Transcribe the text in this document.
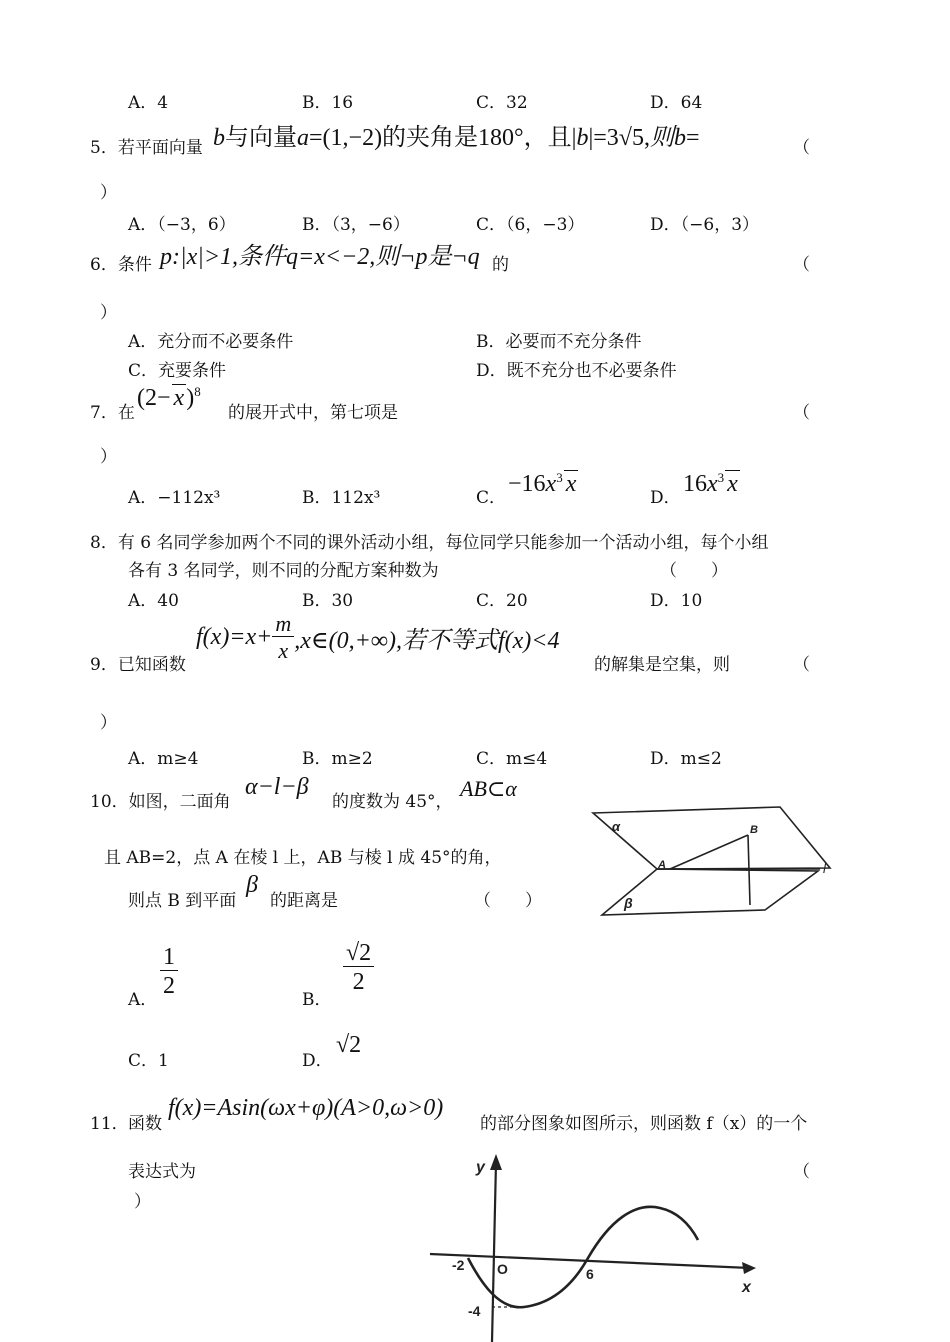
A．4	B．16	C．32	D．64
5．若平面向量 b与向量a=(1,−2)的夹角是180°，且|b|=3√5,则b=	（
）
A．（−3，6）	B．（3，−6）	C．（6，−3）	D．（−6，3）
6．条件 p:|x|>1,条件q=x<−2,则¬p是¬q 的	（
）
A．充分而不必要条件	B．必要而不充分条件
C．充要条件	D．既不充分也不必要条件
7．在
$(2- x)^8$
的展开式中，第七项是	（
）
A．−112x³	B．112x³	C．
$-16x^3$ x
D．
$16x^3$ x
8．有 6 名同学参加两个不同的课外活动小组，每位同学只能参加一个活动小组，每个小组
各有 3 名同学，则不同的分配方案种数为	（　　）
A．40	B．30	C．20	D．10
9．已知函数
$f(x)=x+ \frac{m}{x}$ ,x∈(0,+∞),若不等式f(x)<4
的解集是空集，则	（
）
A．m≥4	B．m≥2	C．m≤4	D．m≤2
10．如图，二面角
α−l−β
的度数为 45°，
AB⊂α
且 AB=2，点 A 在棱 l 上，AB 与棱 l 成 45°的角，
则点 B 到平面
β
的距离是	（　　）
α
β
A
B
l
A．
$\frac{1}{2}$
B．
$\frac{√2}{2}$
C．1	D．
√2
11． 函数
f(x)=Asin(ωx+φ)(A>0,ω>0)
的部分图象如图所示，则函数 f（x）的一个
表达式为	（
）
y
x
O
-2
6
-4
